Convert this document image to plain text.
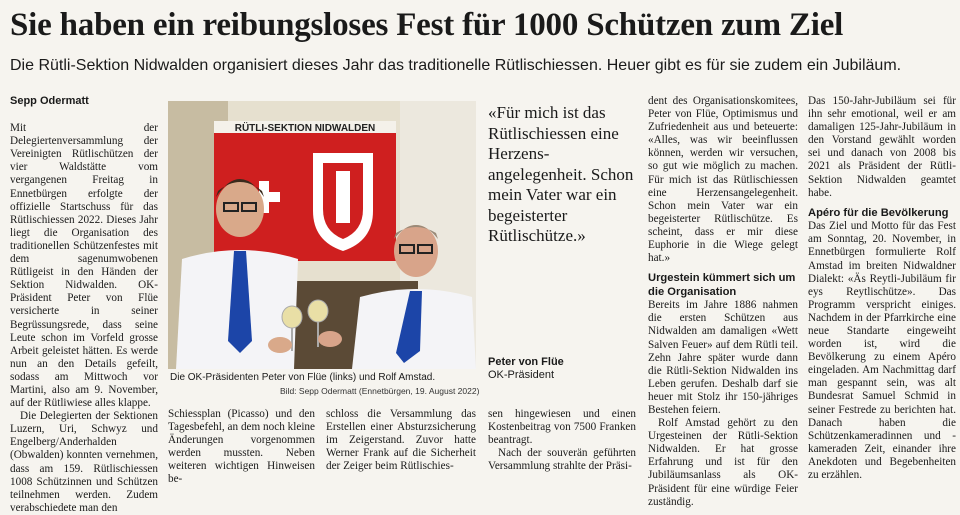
Sie haben ein reibungsloses Fest für 1000 Schützen zum Ziel
Die Rütli-Sektion Nidwalden organisiert dieses Jahr das traditionelle Rütlischiessen. Heuer gibt es für sie zudem ein Jubiläum.

Sepp Odermatt

Mit der Delegiertenversammlung der Vereinigten Rütlischützen der vier Waldstätte vom vergangenen Freitag in Ennetbürgen erfolgte der offizielle Startschuss für das Rütlischiessen 2022. Dieses Jahr liegt die Organisation des traditionellen Schützenfestes mit dem sagenumwobenen Rütligeist in den Händen der Sektion Nidwalden. OK-Präsident Peter von Flüe versicherte in seiner Begrüssungsrede, dass seine Leute schon im Vorfeld grosse Arbeit geleistet hätten. Es werde nun an den Details gefeilt, sodass am Mittwoch vor Martini, also am 9. November, auf der Rütliwiese alles klappe.

Die Delegierten der Sektionen Luzern, Uri, Schwyz und Engelberg/Anderhalden (Obwalden) konnten vernehmen, dass am 159. Rütlischiessen 1008 Schützinnen und Schützen teilnehmen werden. Zudem verabschiedete man den

RÜTLI-SEKTION NIDWALDEN
Die OK-Präsidenten Peter von Flüe (links) und Rolf Amstad.
Bild: Sepp Odermatt (Ennetbürgen, 19. August 2022)
«Für mich ist das Rütlischiessen eine Herzensangelegenheit. Schon mein Vater war ein begeisterter Rütlischütze.»
Peter von Flüe
OK-Präsident

Schiessplan (Picasso) und den Tagesbefehl, an dem noch kleine Änderungen vorgenommen werden mussten. Neben weiteren wichtigen Hinweisen be-

schloss die Versammlung das Erstellen einer Absturzsicherung im Zeigerstand. Zuvor hatte Werner Frank auf die Sicherheit der Zeiger beim Rütlischies-

sen hingewiesen und einen Kostenbeitrag von 7500 Franken beantragt.

Nach der souverän geführten Versammlung strahlte der Präsi-

dent des Organisationskomitees, Peter von Flüe, Optimismus und Zufriedenheit aus und beteuerte: «Alles, was wir beeinflussen können, werden wir versuchen, so gut wie möglich zu machen. Für mich ist das Rütlischiessen eine Herzensangelegenheit. Schon mein Vater war ein begeisterter Rütlischütze. Es scheint, dass er mir diese Euphorie in die Wiege gelegt hat.»

Urgestein kümmert sich um die Organisation

Bereits im Jahre 1886 nahmen die ersten Schützen aus Nidwalden am damaligen «Wett Salven Feuer» auf dem Rütli teil. Zehn Jahre später wurde dann die Rütli-Sektion Nidwalden ins Leben gerufen. Deshalb darf sie heuer mit Stolz ihr 150-jähriges Bestehen feiern.

Rolf Amstad gehört zu den Urgesteinen der Rütli-Sektion Nidwalden. Er hat grosse Erfahrung und ist für den Jubiläumsanlass als OK-Präsident für eine würdige Feier zuständig.

Das 150-Jahr-Jubiläum sei für ihn sehr emotional, weil er am damaligen 125-Jahr-Jubiläum in den Vorstand gewählt worden sei und danach von 2008 bis 2021 als Präsident der Rütli-Sektion Nidwalden geamtet habe.

Apéro für die Bevölkerung

Das Ziel und Motto für das Fest am Sonntag, 20. November, in Ennetbürgen formulierte Rolf Amstad im breiten Nidwaldner Dialekt: «Äs Reytli-Jubiläum fir eys Reytlischütze». Das Programm verspricht einiges. Nachdem in der Pfarrkirche eine neue Standarte eingeweiht worden ist, wird die Bevölkerung zu einem Apéro eingeladen. Am Nachmittag darf man gespannt sein, was alt Bundesrat Samuel Schmid in seiner Festrede zu berichten hat. Danach haben die Schützenkameradinnen und -kameraden Zeit, einander ihre Anekdoten und Begebenheiten zu erzählen.
